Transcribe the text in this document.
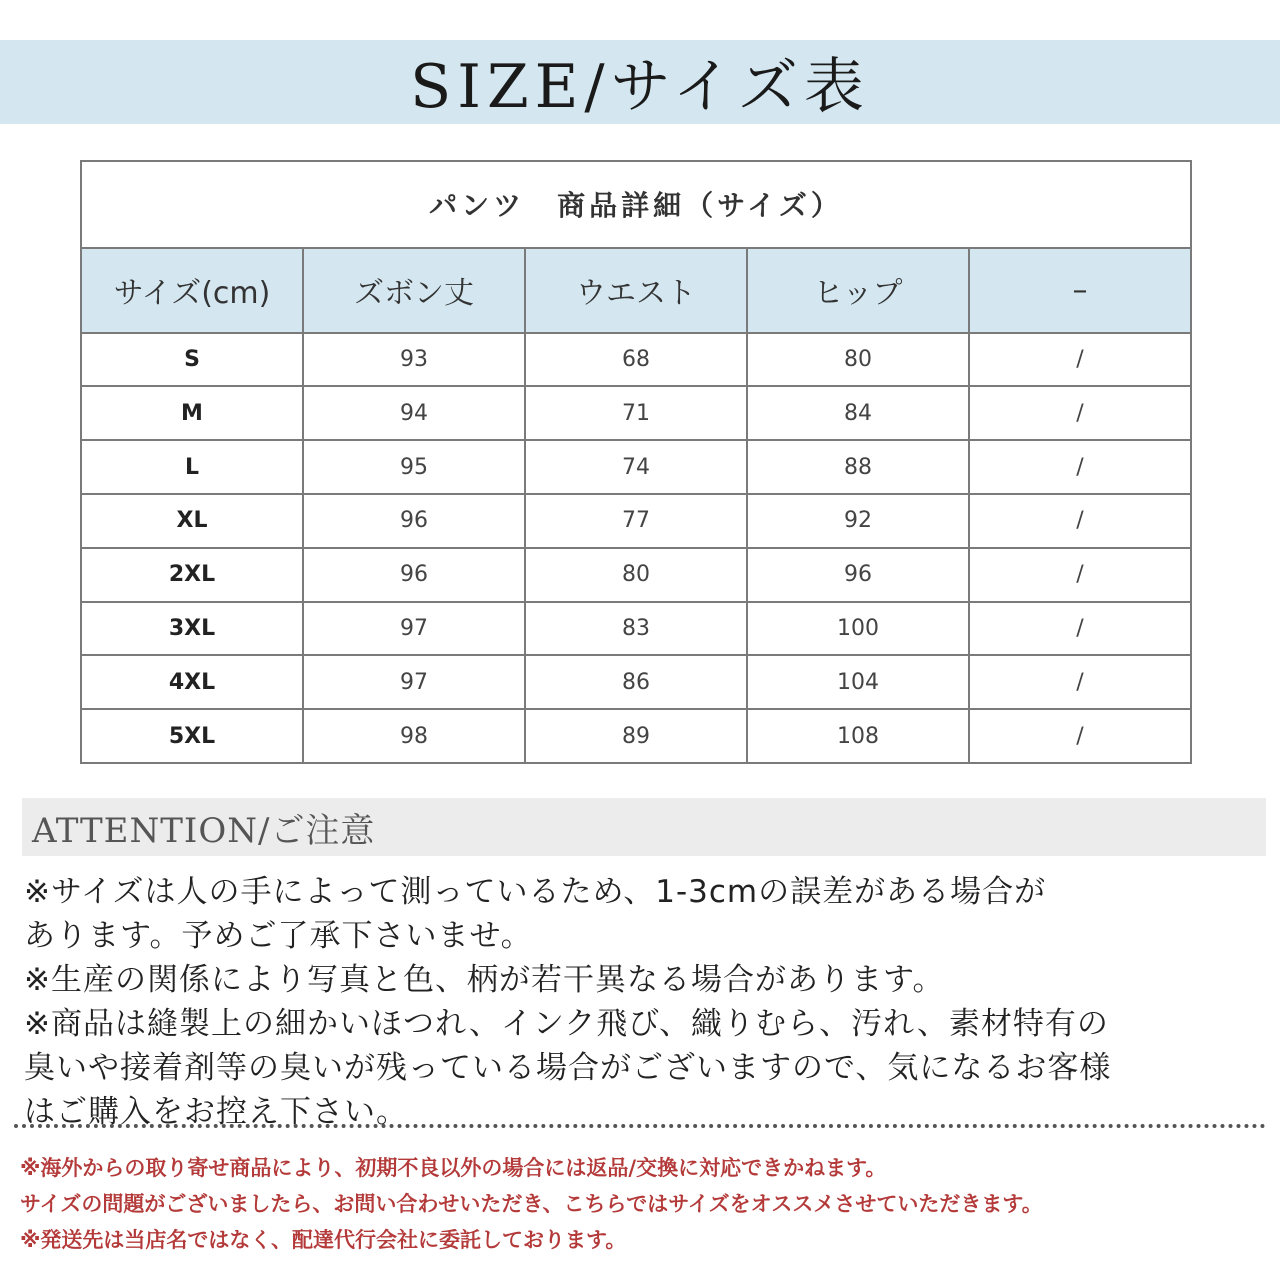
SIZE/サイズ表
パンツ　商品詳細（サイズ）				
サイズ(cm)	ズボン丈	ウエスト	ヒップ	–
S	93	68	80	/
M	94	71	84	/
L	95	74	88	/
XL	96	77	92	/
2XL	96	80	96	/
3XL	97	83	100	/
4XL	97	86	104	/
5XL	98	89	108	/
ATTENTION/ご注意
※サイズは人の手によって測っているため、1-3cmの誤差がある場合が
あります。予めご了承下さいませ。
※生産の関係により写真と色、柄が若干異なる場合があります。
※商品は縫製上の細かいほつれ、インク飛び、織りむら、汚れ、素材特有の
臭いや接着剤等の臭いが残っている場合がございますので、気になるお客様
はご購入をお控え下さい。
※海外からの取り寄せ商品により、初期不良以外の場合には返品/交換に対応できかねます。
サイズの問題がございましたら、お問い合わせいただき、こちらではサイズをオススメさせていただきます。
※発送先は当店名ではなく、配達代行会社に委託しております。
